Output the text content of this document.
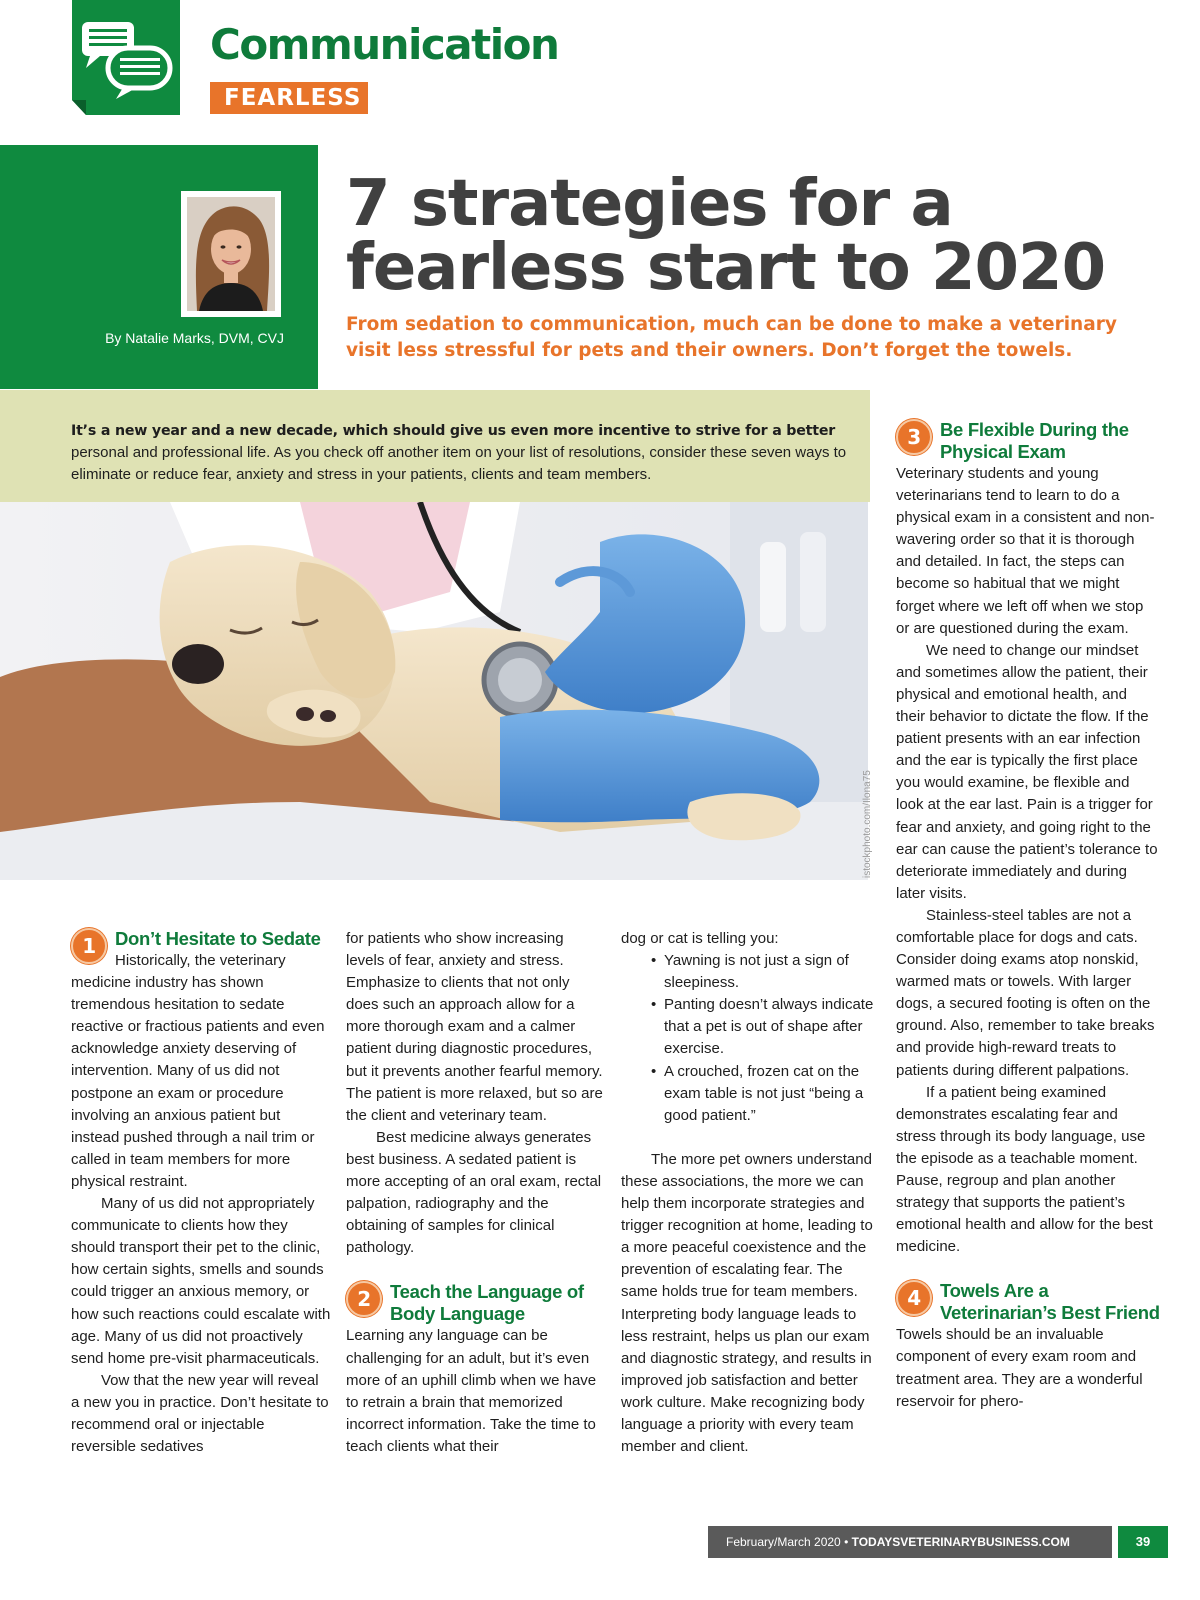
Communication
FEARLESS
By Natalie Marks, DVM, CVJ
7 strategies for a
fearless start to 2020
From sedation to communication, much can be done to make a veterinary visit less stressful for pets and their owners. Don’t forget the towels.
It’s a new year and a new decade, which should give us even more incentive to strive for a better personal and professional life. As you check off another item on your list of resolutions, consider these seven ways to eliminate or reduce fear, anxiety and stress in your patients, clients and team members.
istockphoto.com/Ilona75
1	Don’t Hesitate to Sedate

Historically, the veterinary medicine industry has shown tremendous hesitation to sedate reactive or fractious patients and even acknowledge anxiety deserving of intervention. Many of us did not postpone an exam or procedure involving an anxious patient but instead pushed through a nail trim or called in team members for more physical restraint.

Many of us did not appropriately communicate to clients how they should transport their pet to the clinic, how certain sights, smells and sounds could trigger an anxious memory, or how such reactions could escalate with age. Many of us did not proactively send home pre-visit pharmaceuticals.

Vow that the new year will reveal a new you in practice. Don’t hesitate to recommend oral or injectable reversible sedatives

for patients who show increasing levels of fear, anxiety and stress. Emphasize to clients that not only does such an approach allow for a more thorough exam and a calmer patient during diagnostic procedures, but it prevents another fearful memory. The patient is more relaxed, but so are the client and veterinary team.

Best medicine always generates best business. A sedated patient is more accepting of an oral exam, rectal palpation, radiography and the obtaining of samples for clinical pathology.

2	Teach the Language of Body Language

Learning any language can be challenging for an adult, but it’s even more of an uphill climb when we have to retrain a brain that memorized incorrect information. Take the time to teach clients what their

dog or cat is telling you:

• Yawning is not just a sign of sleepiness.
• Panting doesn’t always indicate that a pet is out of shape after exercise.
• A crouched, frozen cat on the exam table is not just “being a good patient.”

The more pet owners understand these associations, the more we can help them incorporate strategies and trigger recognition at home, leading to a more peaceful coexistence and the prevention of escalating fear. The same holds true for team members. Interpreting body language leads to less restraint, helps us plan our exam and diagnostic strategy, and results in improved job satisfaction and better work culture. Make recognizing body language a priority with every team member and client.

3	Be Flexible During the Physical Exam

Veterinary students and young veterinarians tend to learn to do a physical exam in a consistent and non-wavering order so that it is thorough and detailed. In fact, the steps can become so habitual that we might forget where we left off when we stop or are questioned during the exam.

We need to change our mindset and sometimes allow the patient, their physical and emotional health, and their behavior to dictate the flow. If the patient presents with an ear infection and the ear is typically the first place you would examine, be flexible and look at the ear last. Pain is a trigger for fear and anxiety, and going right to the ear can cause the patient’s tolerance to deteriorate immediately and during later visits.

Stainless-steel tables are not a comfortable place for dogs and cats. Consider doing exams atop nonskid, warmed mats or towels. With larger dogs, a secured footing is often on the ground. Also, remember to take breaks and provide high-reward treats to patients during different palpations.

If a patient being examined demonstrates escalating fear and stress through its body language, use the episode as a teachable moment. Pause, regroup and plan another strategy that supports the patient’s emotional health and allow for the best medicine.

4	Towels Are a Veterinarian’s Best Friend

Towels should be an invaluable component of every exam room and treatment area. They are a wonderful reservoir for phero-

February/March 2020 • TODAYSVETERINARYBUSINESS.COM	39
